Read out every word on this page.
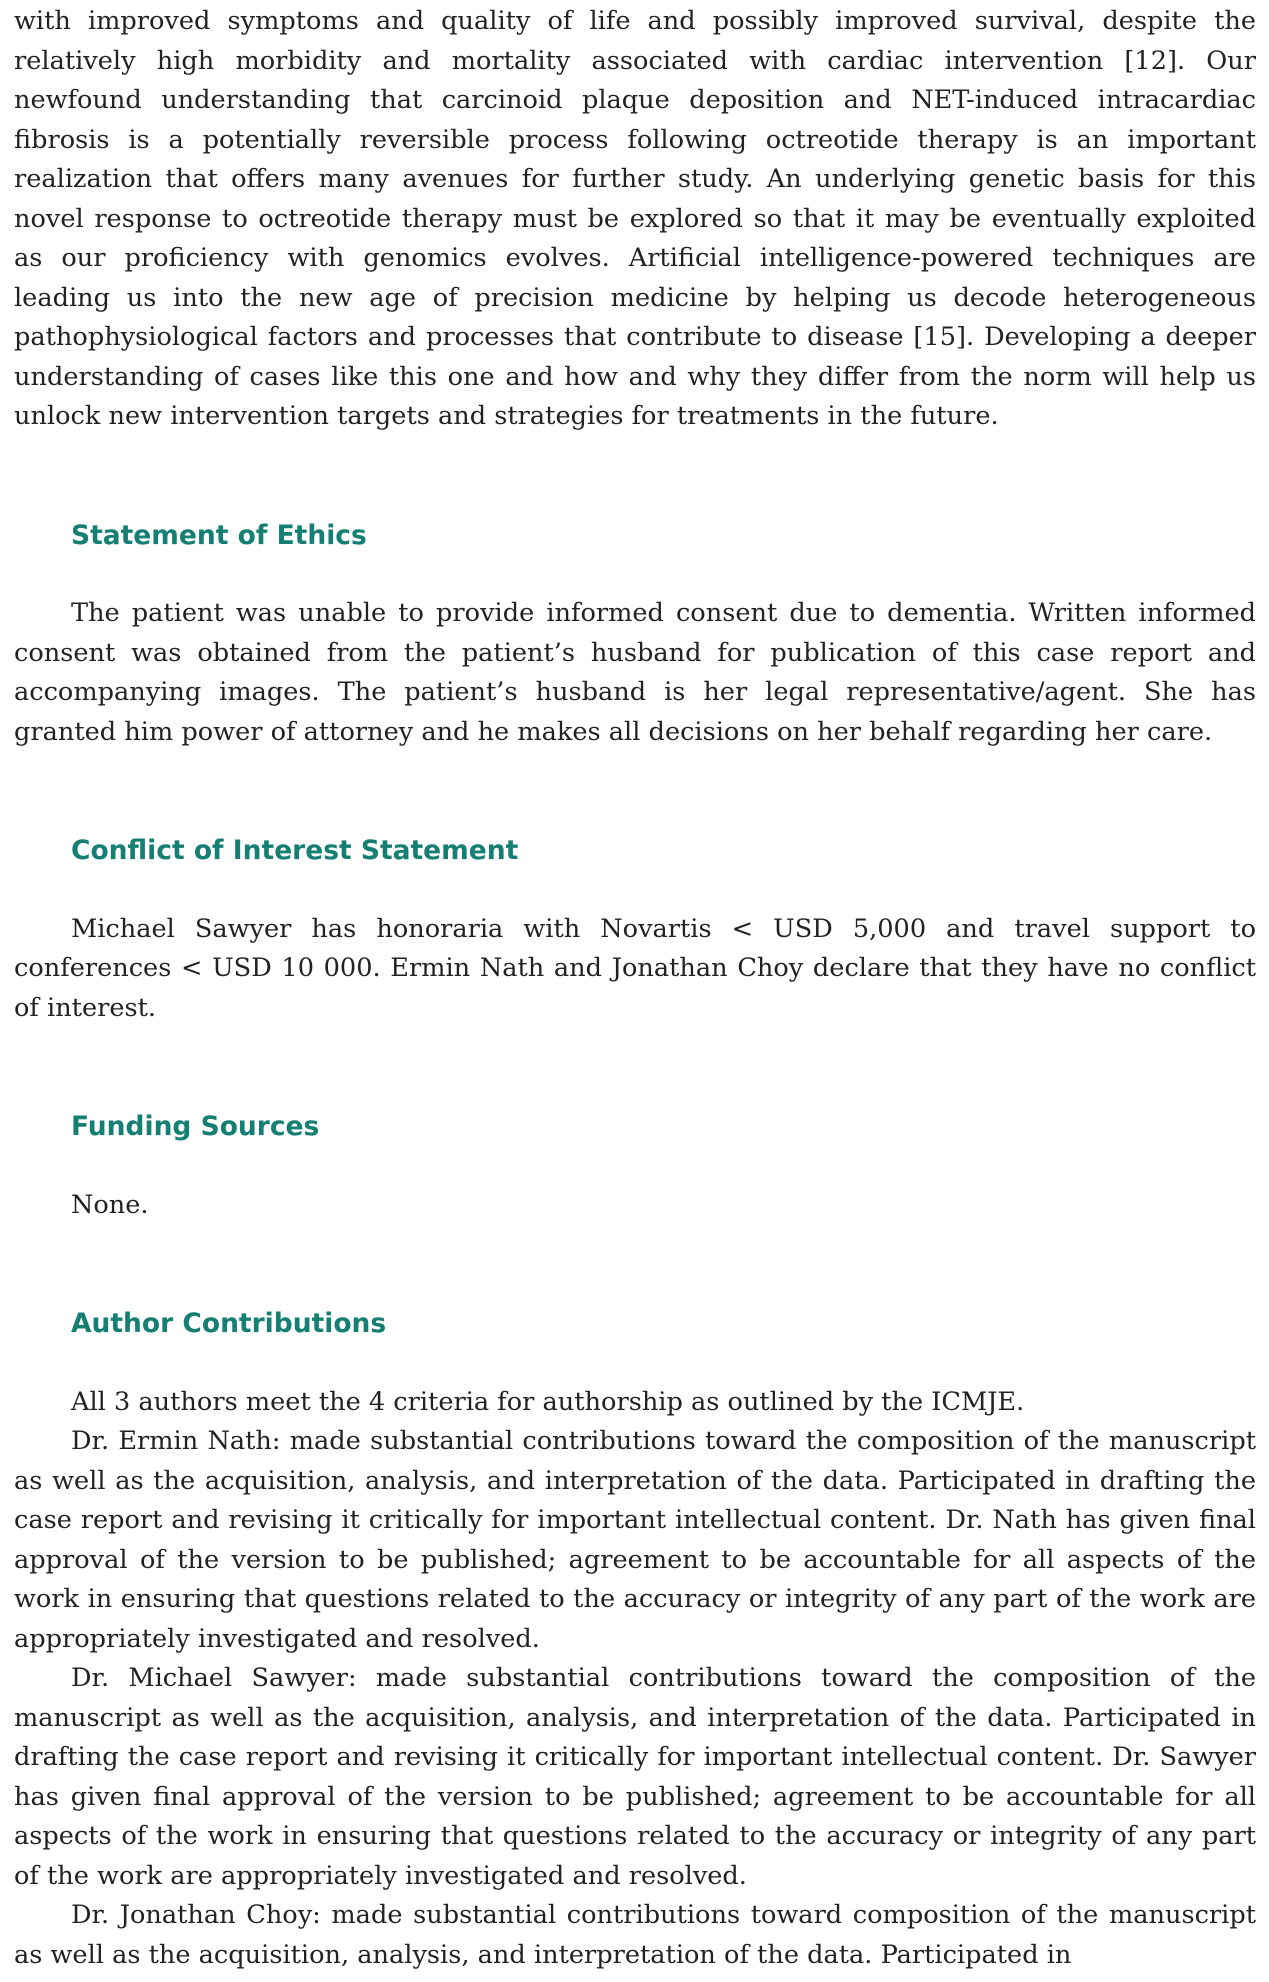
with improved symptoms and quality of life and possibly improved survival, despite the relatively high morbidity and mortality associated with cardiac intervention [12]. Our newfound understanding that carcinoid plaque deposition and NET-induced intracardiac fibrosis is a potentially reversible process following octreotide therapy is an important realization that offers many avenues for further study. An underlying genetic basis for this novel response to octreotide therapy must be explored so that it may be eventually exploited as our proficiency with genomics evolves. Artificial intelligence-powered techniques are leading us into the new age of precision medicine by helping us decode heterogeneous pathophysiological factors and processes that contribute to disease [15]. Developing a deeper understanding of cases like this one and how and why they differ from the norm will help us unlock new intervention targets and strategies for treatments in the future.

Statement of Ethics

The patient was unable to provide informed consent due to dementia. Written informed consent was obtained from the patient’s husband for publication of this case report and accompanying images. The patient’s husband is her legal representative/agent. She has granted him power of attorney and he makes all decisions on her behalf regarding her care.

Conflict of Interest Statement

Michael Sawyer has honoraria with Novartis < USD 5,000 and travel support to conferences < USD 10 000. Ermin Nath and Jonathan Choy declare that they have no conflict of interest.

Funding Sources

None.

Author Contributions

All 3 authors meet the 4 criteria for authorship as outlined by the ICMJE.

Dr. Ermin Nath: made substantial contributions toward the composition of the manuscript as well as the acquisition, analysis, and interpretation of the data. Participated in drafting the case report and revising it critically for important intellectual content. Dr. Nath has given final approval of the version to be published; agreement to be accountable for all aspects of the work in ensuring that questions related to the accuracy or integrity of any part of the work are appropriately investigated and resolved.

Dr. Michael Sawyer: made substantial contributions toward the composition of the manuscript as well as the acquisition, analysis, and interpretation of the data. Participated in drafting the case report and revising it critically for important intellectual content. Dr. Sawyer has given final approval of the version to be published; agreement to be accountable for all aspects of the work in ensuring that questions related to the accuracy or integrity of any part of the work are appropriately investigated and resolved.

Dr. Jonathan Choy: made substantial contributions toward composition of the manuscript as well as the acquisition, analysis, and interpretation of the data. Participated in
